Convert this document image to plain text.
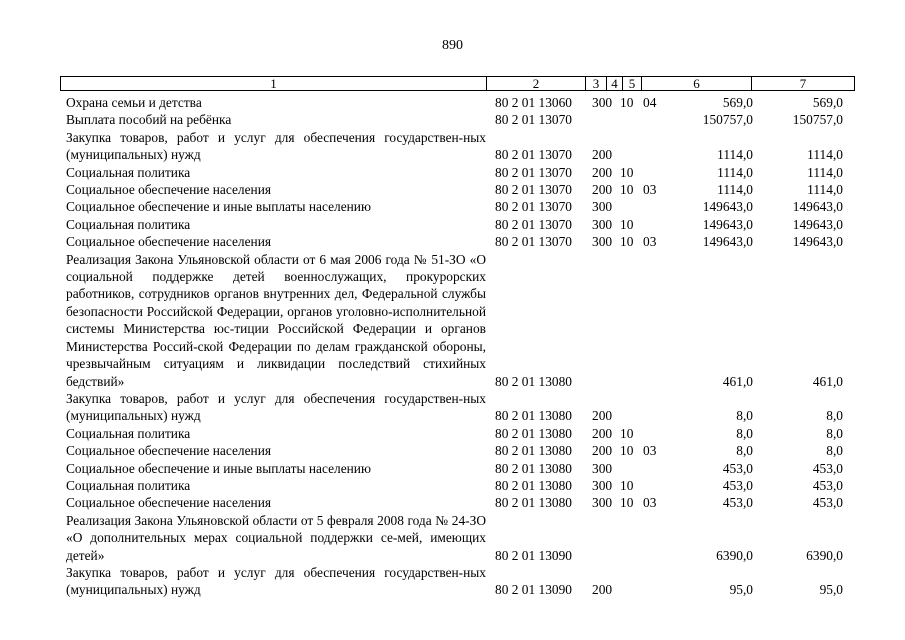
890
1	2	3 4 5	6	7
Охрана семьи и детства	80 2 01 13060 300 10 04	569,0	569,0
Выплата пособий на ребёнка	80 2 01 13070	150757,0	150757,0
Закупка товаров, работ и услуг для обеспечения государствен-ных (муниципальных) нужд	80 2 01 13070 200	1114,0	1114,0
Социальная политика	80 2 01 13070 200 10	1114,0	1114,0
Социальное обеспечение населения	80 2 01 13070 200 10 03	1114,0	1114,0
Социальное обеспечение и иные выплаты населению	80 2 01 13070 300	149643,0	149643,0
Социальная политика	80 2 01 13070 300 10	149643,0	149643,0
Социальное обеспечение населения	80 2 01 13070 300 10 03	149643,0	149643,0
Реализация Закона Ульяновской области от 6 мая 2006 года № 51-ЗО «О социальной поддержке детей военнослужащих, прокурорских работников, сотрудников органов внутренних дел, Федеральной службы безопасности Российской Федерации, органов уголовно-исполнительной системы Министерства юс-тиции Российской Федерации и органов Министерства Россий-ской Федерации по делам гражданской обороны, чрезвычайным ситуациям и ликвидации последствий стихийных бедствий»	80 2 01 13080	461,0	461,0
Закупка товаров, работ и услуг для обеспечения государствен-ных (муниципальных) нужд	80 2 01 13080 200	8,0	8,0
Социальная политика	80 2 01 13080 200 10	8,0	8,0
Социальное обеспечение населения	80 2 01 13080 200 10 03	8,0	8,0
Социальное обеспечение и иные выплаты населению	80 2 01 13080 300	453,0	453,0
Социальная политика	80 2 01 13080 300 10	453,0	453,0
Социальное обеспечение населения	80 2 01 13080 300 10 03	453,0	453,0
Реализация Закона Ульяновской области от 5 февраля 2008 года № 24-ЗО «О дополнительных мерах социальной поддержки се-мей, имеющих детей»	80 2 01 13090	6390,0	6390,0
Закупка товаров, работ и услуг для обеспечения государствен-ных (муниципальных) нужд	80 2 01 13090 200	95,0	95,0
